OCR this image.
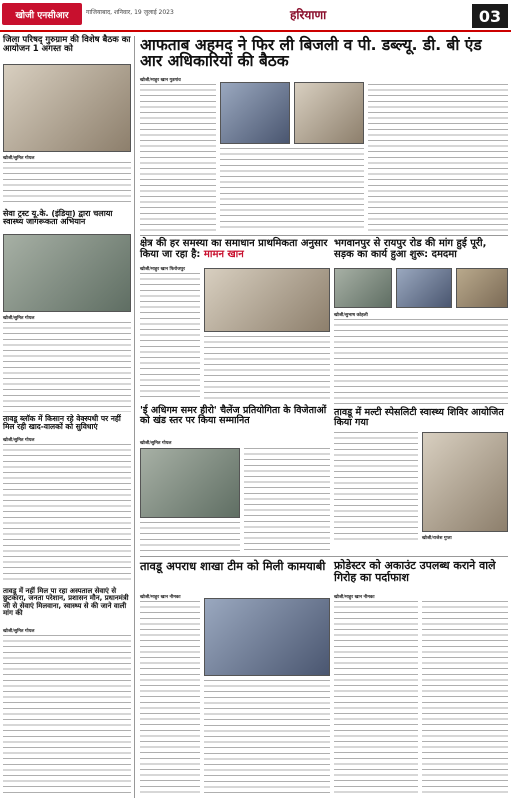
खोजी एनसीआर	गाजियाबाद, शनिवार, 19 जुलाई 2023	हरियाणा	03
जिला परिषद् गुरुग्राम की विशेष बैठक का आयोजन 1 अगस्त को
खोजी/सुमित गोयल
सेवा ट्रस्ट यू.के. (इंडिया) द्वारा चलाया स्वास्थ्य जागरूकता अभियान
खोजी/सुमित गोयल
तावडू ब्लॉक में किसान रहे वेक्स्पधी पर नहीं मिल रही खाद-वालकों को सुविधाएं
खोजी/सुमित गोयल
तावडू में नहीं मिल पा रहा अस्पताल सेवाएं से छुटकारा, जनता परेशान, प्रशासन मौन, प्रधानमंत्री जी से सेवाएं मिलवाना, स्वास्थ्य से की जाने वाली मांग की
खोजी/सुमित गोयल
आफताब अहमद ने फिर ली बिजली व पी. डब्ल्यू. डी. बी एंड आर अधिकारियों की बैठक
खोजी/माहुर खान गुडगांव
क्षेत्र की हर समस्या का समाधान प्राथमिकता अनुसार किया जा रहा है: मामन खान
खोजी/माहुर खान फिरोजपुर
भगवानपुर से रायपुर रोड की मांग हुई पूरी, सड़क का कार्य हुआ शुरू: दमदमा
खोजी/सुभाष कोहली
तावडू में मल्टी स्पेसलिटी स्वास्थ्य शिविर आयोजित किया गया
खोजी/राजेश गुप्ता
'ई अधिगम समर हीरो' चैलेंज प्रतियोगिता के विजेताओं को खंड स्तर पर किया सम्मानित
खोजी/सुमित गोयल
तावडू अपराध शाखा टीम को मिली कामयाबी
खोजी/माहुर खान नीमका
फ्रोडेस्टर को अकाउंट उपलब्ध कराने वाले गिरोह का पर्दाफाश
खोजी/माहुर खान नीमका
